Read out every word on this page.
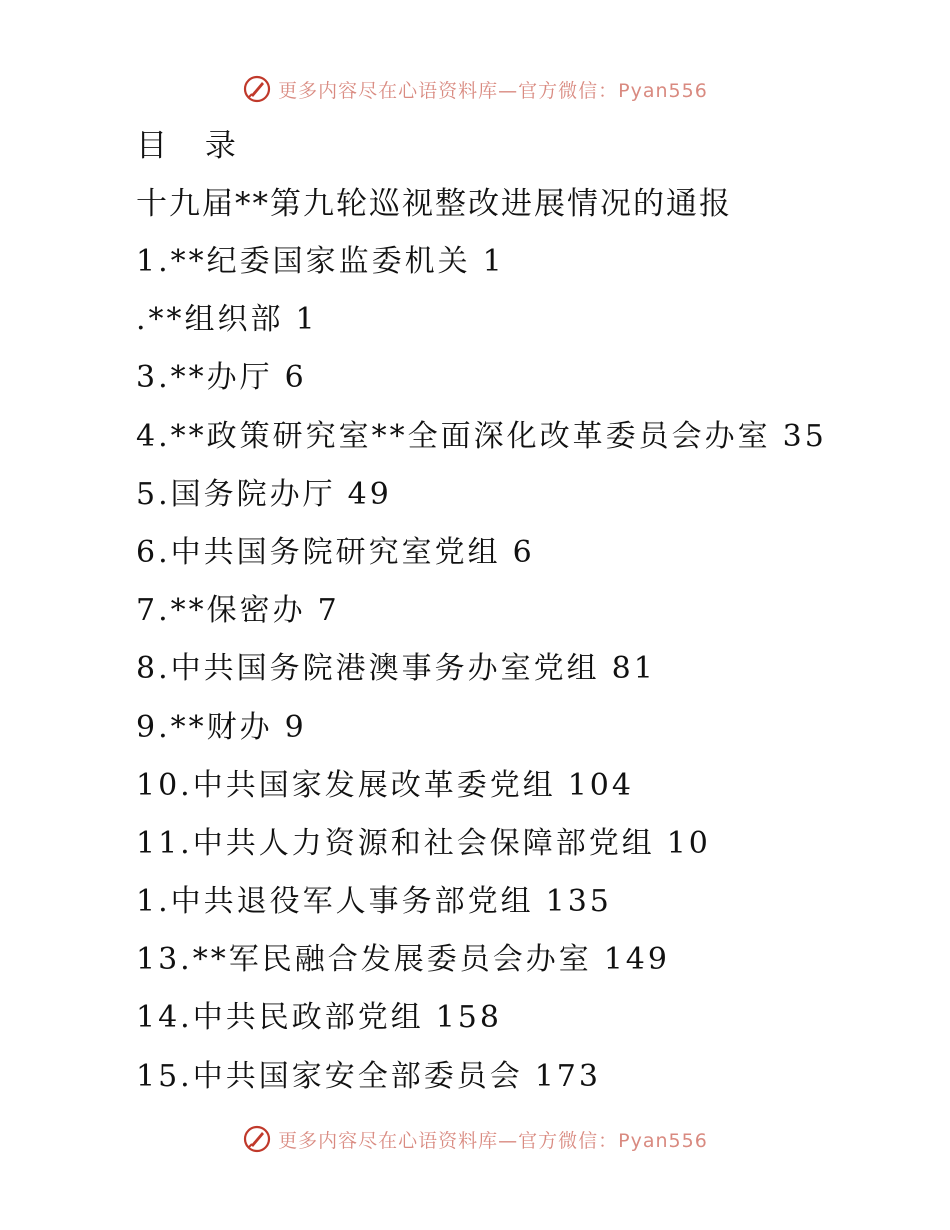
更多内容尽在心语资料库—官方微信：Pyan556
目 录
十九届**第九轮巡视整改进展情况的通报
1.**纪委国家监委机关 1
.**组织部 1
3.**办厅 6
4.**政策研究室**全面深化改革委员会办室 35
5.国务院办厅 49
6.中共国务院研究室党组 6
7.**保密办 7
8.中共国务院港澳事务办室党组 81
9.**财办 9
10.中共国家发展改革委党组 104
11.中共人力资源和社会保障部党组 10
1.中共退役军人事务部党组 135
13.**军民融合发展委员会办室 149
14.中共民政部党组 158
15.中共国家安全部委员会 173
更多内容尽在心语资料库—官方微信：Pyan556
